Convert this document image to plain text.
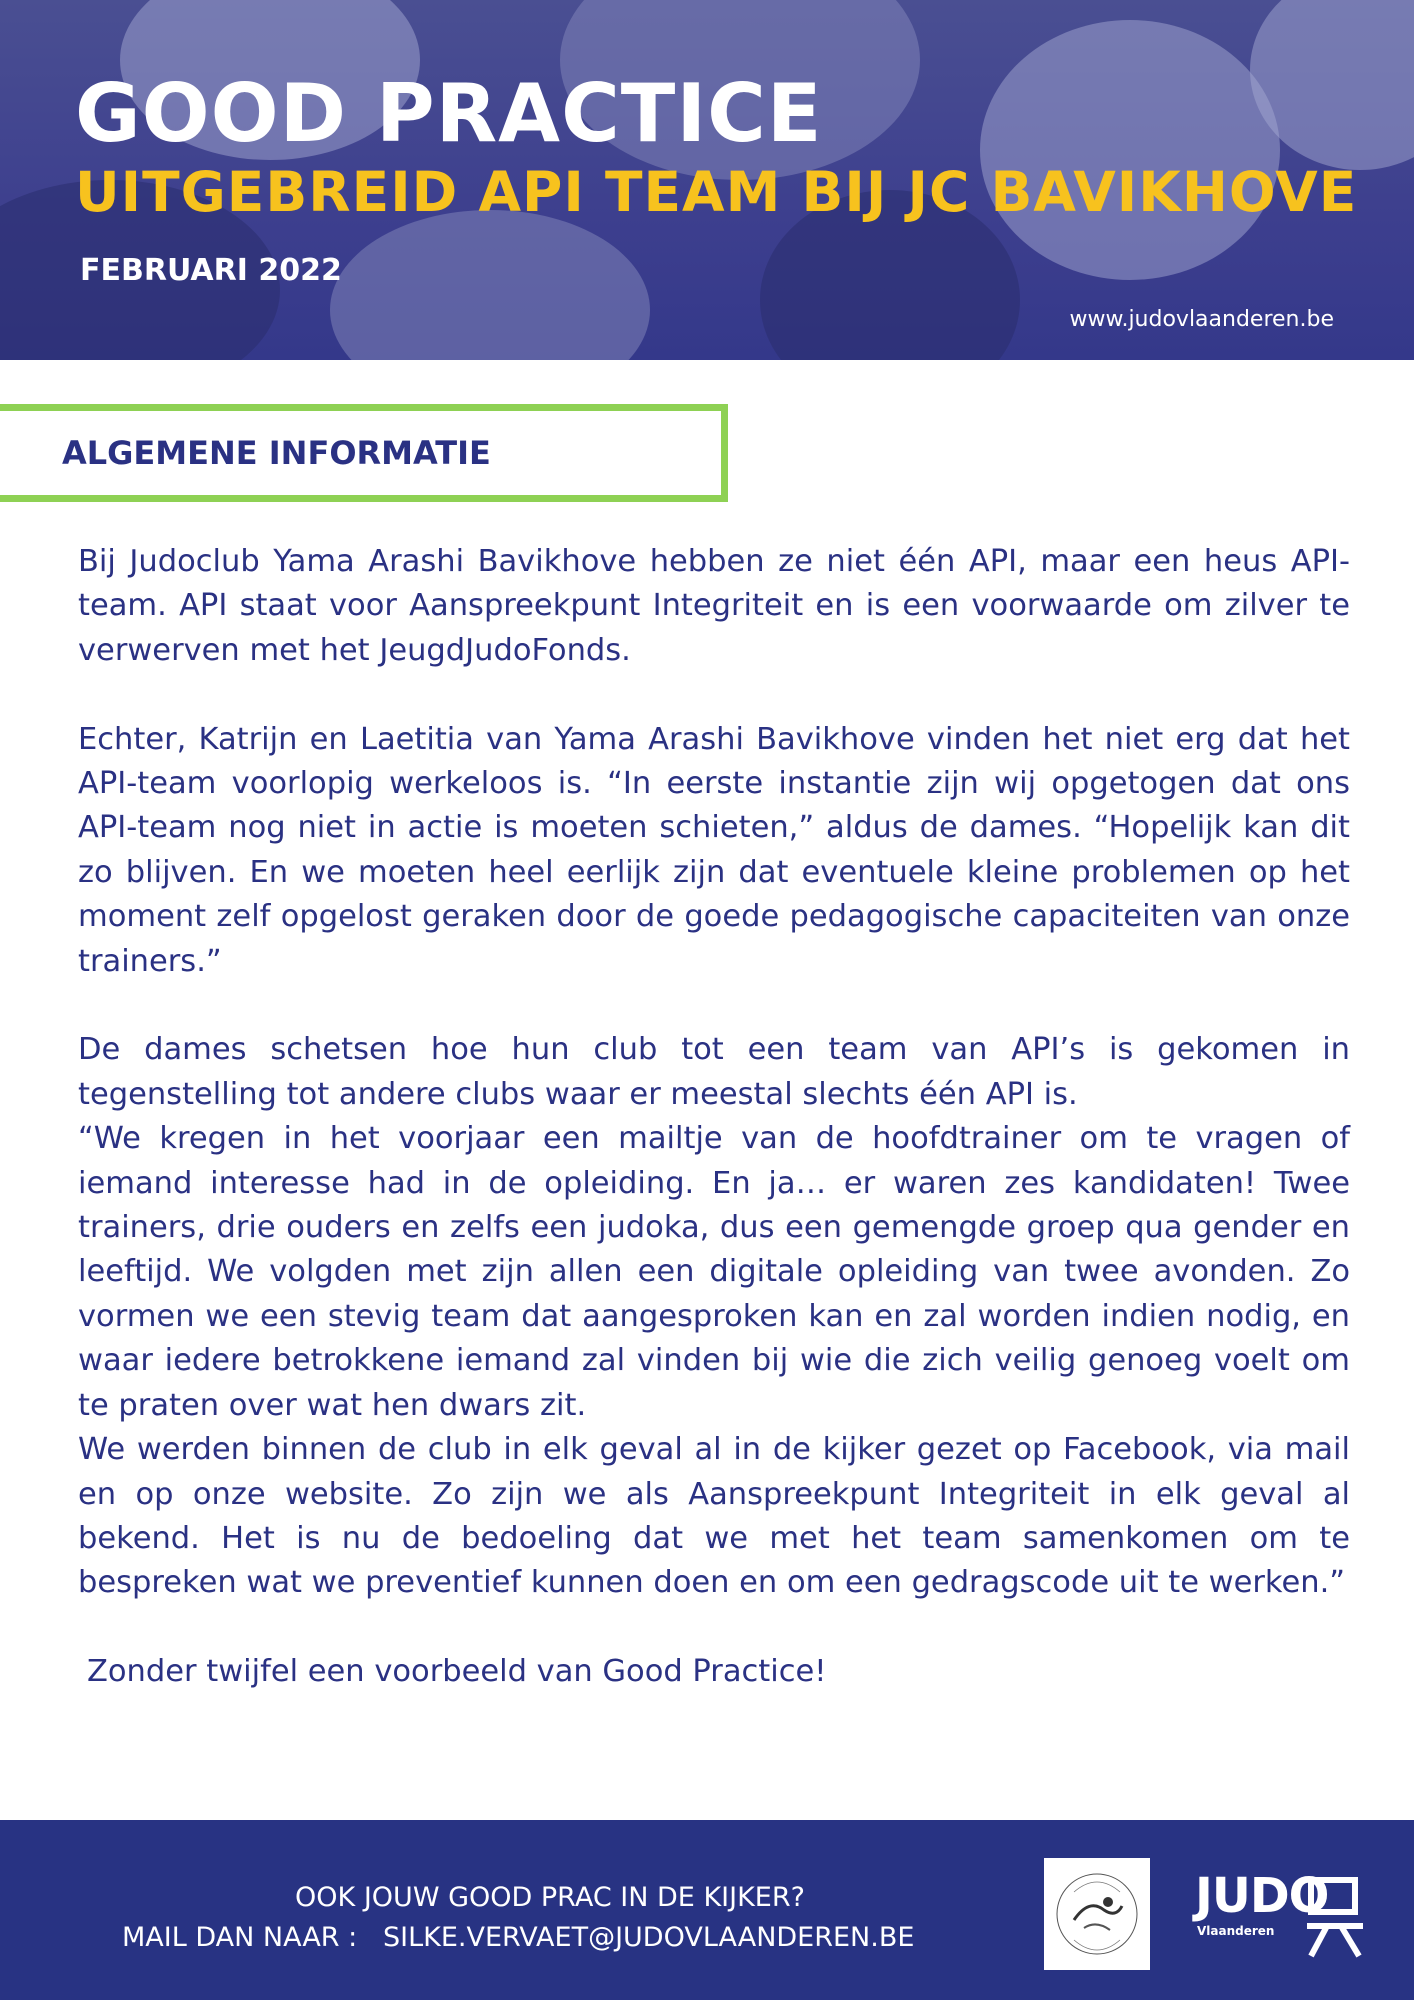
GOOD PRACTICE
UITGEBREID API TEAM BIJ JC BAVIKHOVE
FEBRUARI 2022
www.judovlaanderen.be
ALGEMENE INFORMATIE

Bij Judoclub Yama Arashi Bavikhove hebben ze niet één API, maar een heus API-team. API staat voor Aanspreekpunt Integriteit en is een voorwaarde om zilver te verwerven met het JeugdJudoFonds.

Echter, Katrijn en Laetitia van Yama Arashi Bavikhove vinden het niet erg dat het API-team voorlopig werkeloos is. “In eerste instantie zijn wij opgetogen dat ons API-team nog niet in actie is moeten schieten,” aldus de dames. “Hopelijk kan dit zo blijven. En we moeten heel eerlijk zijn dat eventuele kleine problemen op het moment zelf opgelost geraken door de goede pedagogische capaciteiten van onze trainers.”

De dames schetsen hoe hun club tot een team van API’s is gekomen in tegenstelling tot andere clubs waar er meestal slechts één API is.

“We kregen in het voorjaar een mailtje van de hoofdtrainer om te vragen of iemand interesse had in de opleiding. En ja… er waren zes kandidaten! Twee trainers, drie ouders en zelfs een judoka, dus een gemengde groep qua gender en leeftijd. We volgden met zijn allen een digitale opleiding van twee avonden. Zo vormen we een stevig team dat aangesproken kan en zal worden indien nodig, en waar iedere betrokkene iemand zal vinden bij wie die zich veilig genoeg voelt om te praten over wat hen dwars zit.

We werden binnen de club in elk geval al in de kijker gezet op Facebook, via mail en op onze website. Zo zijn we als Aanspreekpunt Integriteit in elk geval al bekend. Het is nu de bedoeling dat we met het team samenkomen om te bespreken wat we preventief kunnen doen en om een gedragscode uit te werken.”

Zonder twijfel een voorbeeld van Good Practice!

OOK JOUW GOOD PRAC IN DE KIJKER?
MAIL DAN NAAR : SILKE.VERVAET@JUDOVLAANDEREN.BE
JUDO
Vlaanderen
